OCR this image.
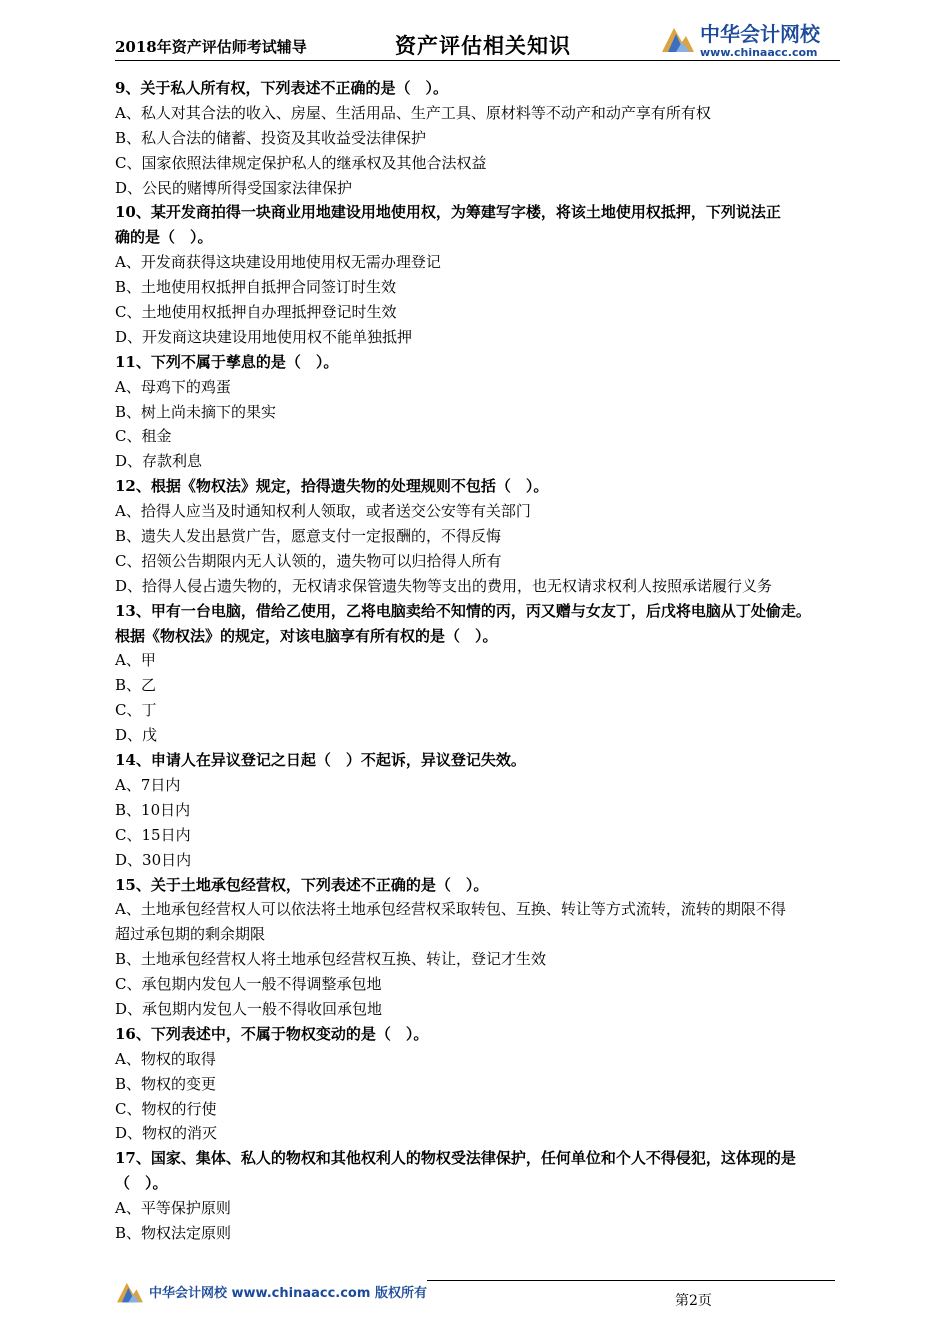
2018年资产评估师考试辅导	资产评估相关知识	中华会计网校
www.chinaacc.com
9、关于私人所有权，下列表述不正确的是（　）。
A、私人对其合法的收入、房屋、生活用品、生产工具、原材料等不动产和动产享有所有权
B、私人合法的储蓄、投资及其收益受法律保护
C、国家依照法律规定保护私人的继承权及其他合法权益
D、公民的赌博所得受国家法律保护
10、某开发商拍得一块商业用地建设用地使用权，为筹建写字楼，将该土地使用权抵押，下列说法正
确的是（　）。
A、开发商获得这块建设用地使用权无需办理登记
B、土地使用权抵押自抵押合同签订时生效
C、土地使用权抵押自办理抵押登记时生效
D、开发商这块建设用地使用权不能单独抵押
11、下列不属于孳息的是（　）。
A、母鸡下的鸡蛋
B、树上尚未摘下的果实
C、租金
D、存款利息
12、根据《物权法》规定，拾得遗失物的处理规则不包括（　）。
A、拾得人应当及时通知权利人领取，或者送交公安等有关部门
B、遗失人发出悬赏广告，愿意支付一定报酬的，不得反悔
C、招领公告期限内无人认领的，遗失物可以归拾得人所有
D、拾得人侵占遗失物的，无权请求保管遗失物等支出的费用，也无权请求权利人按照承诺履行义务
13、甲有一台电脑，借给乙使用，乙将电脑卖给不知情的丙，丙又赠与女友丁，后戊将电脑从丁处偷走。
根据《物权法》的规定，对该电脑享有所有权的是（　）。
A、甲
B、乙
C、丁
D、戊
14、申请人在异议登记之日起（　）不起诉，异议登记失效。
A、7日内
B、10日内
C、15日内
D、30日内
15、关于土地承包经营权，下列表述不正确的是（　）。
A、土地承包经营权人可以依法将土地承包经营权采取转包、互换、转让等方式流转，流转的期限不得
超过承包期的剩余期限
B、土地承包经营权人将土地承包经营权互换、转让，登记才生效
C、承包期内发包人一般不得调整承包地
D、承包期内发包人一般不得收回承包地
16、下列表述中，不属于物权变动的是（　）。
A、物权的取得
B、物权的变更
C、物权的行使
D、物权的消灭
17、国家、集体、私人的物权和其他权利人的物权受法律保护，任何单位和个人不得侵犯，这体现的是
（　）。
A、平等保护原则
B、物权法定原则
中华会计网校 www.chinaacc.com 版权所有	第2页
